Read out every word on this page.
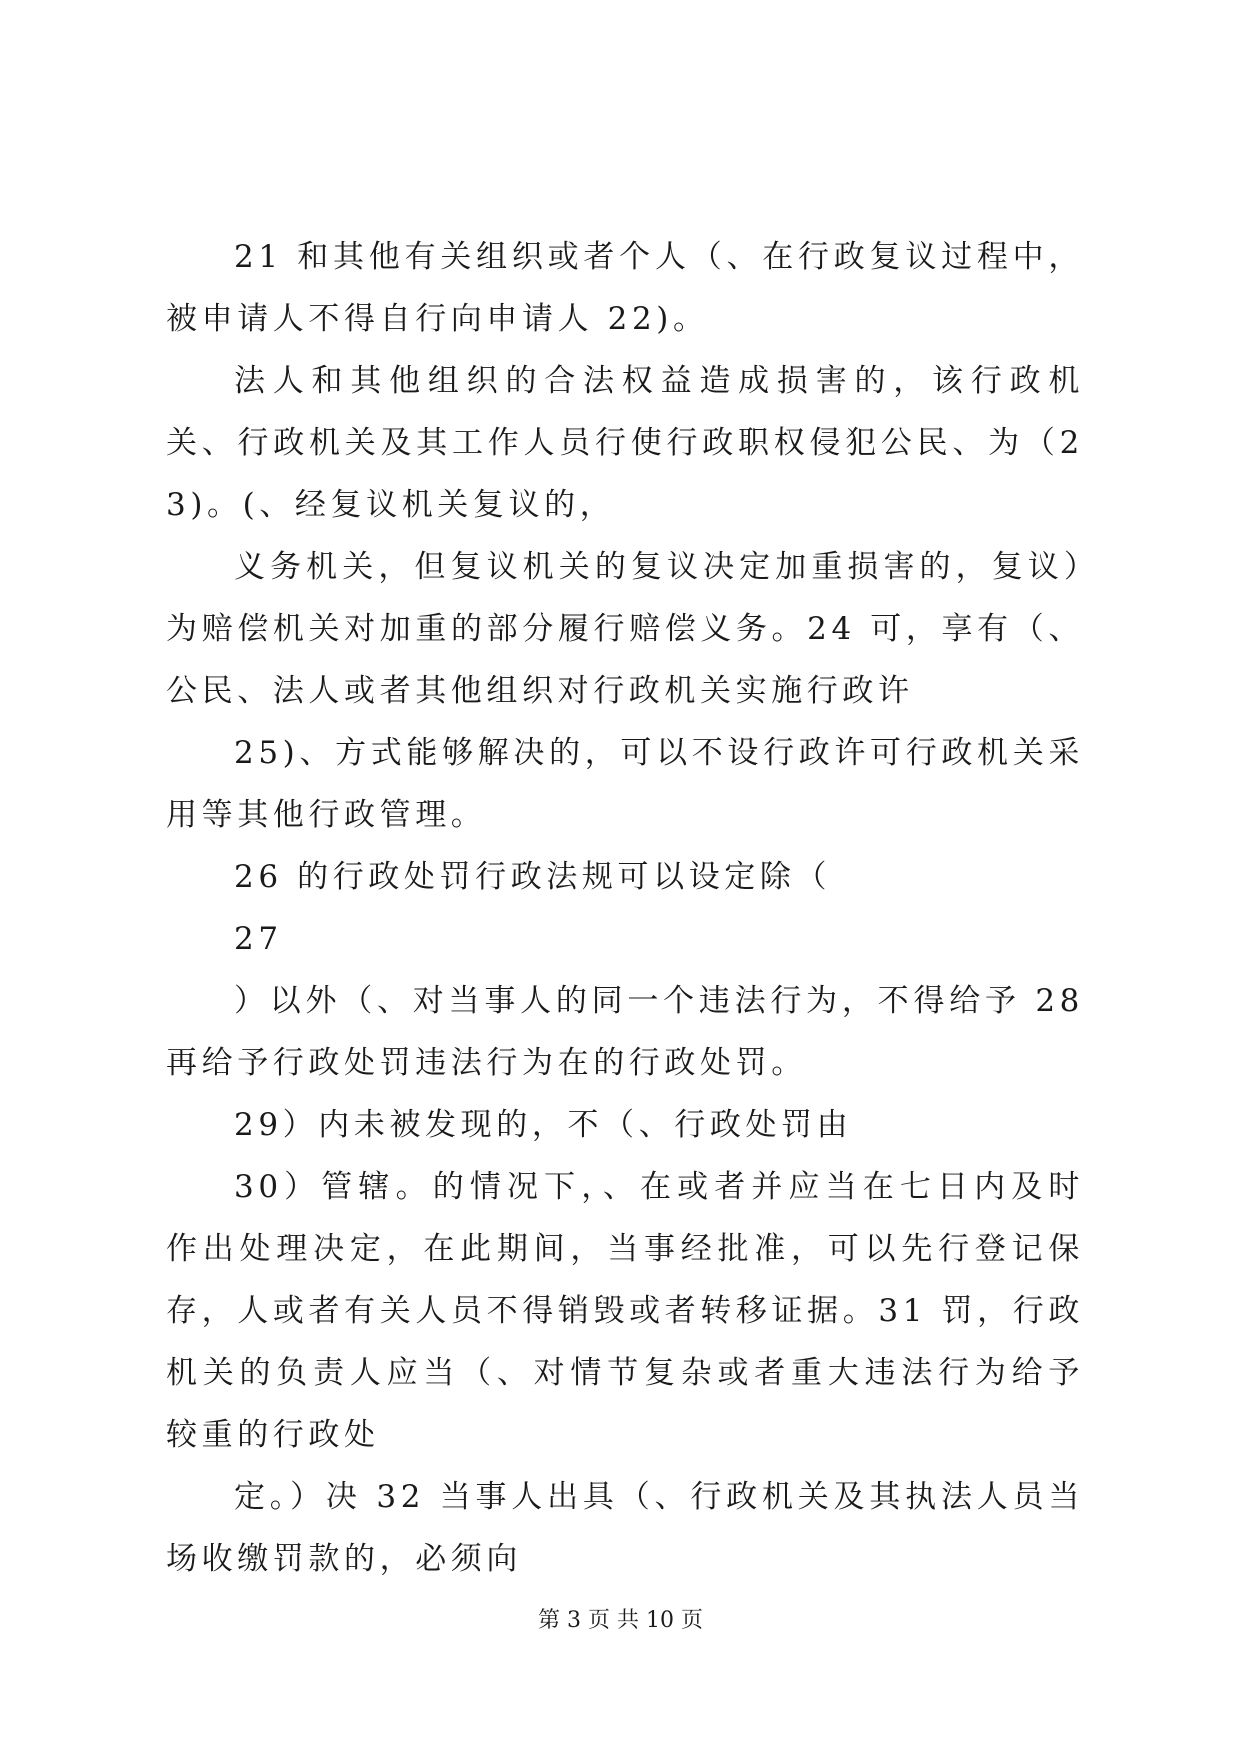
21 和其他有关组织或者个人（、在行政复议过程中，被申请人不得自行向申请人 22)。

法人和其他组织的合法权益造成损害的，该行政机关、行政机关及其工作人员行使行政职权侵犯公民、为（23)。(、经复议机关复议的，

义务机关，但复议机关的复议决定加重损害的，复议）为赔偿机关对加重的部分履行赔偿义务。24 可，享有（、公民、法人或者其他组织对行政机关实施行政许

25)、方式能够解决的，可以不设行政许可行政机关采用等其他行政管理。

26 的行政处罚行政法规可以设定除（

27

）以外（、对当事人的同一个违法行为，不得给予 28 再给予行政处罚违法行为在的行政处罚。

29）内未被发现的，不（、行政处罚由

30）管辖。的情况下，、在或者并应当在七日内及时作出处理决定，在此期间，当事经批准，可以先行登记保存，人或者有关人员不得销毁或者转移证据。31 罚，行政机关的负责人应当（、对情节复杂或者重大违法行为给予较重的行政处

定。）决 32 当事人出具（、行政机关及其执法人员当场收缴罚款的，必须向

第 3 页 共 10 页
